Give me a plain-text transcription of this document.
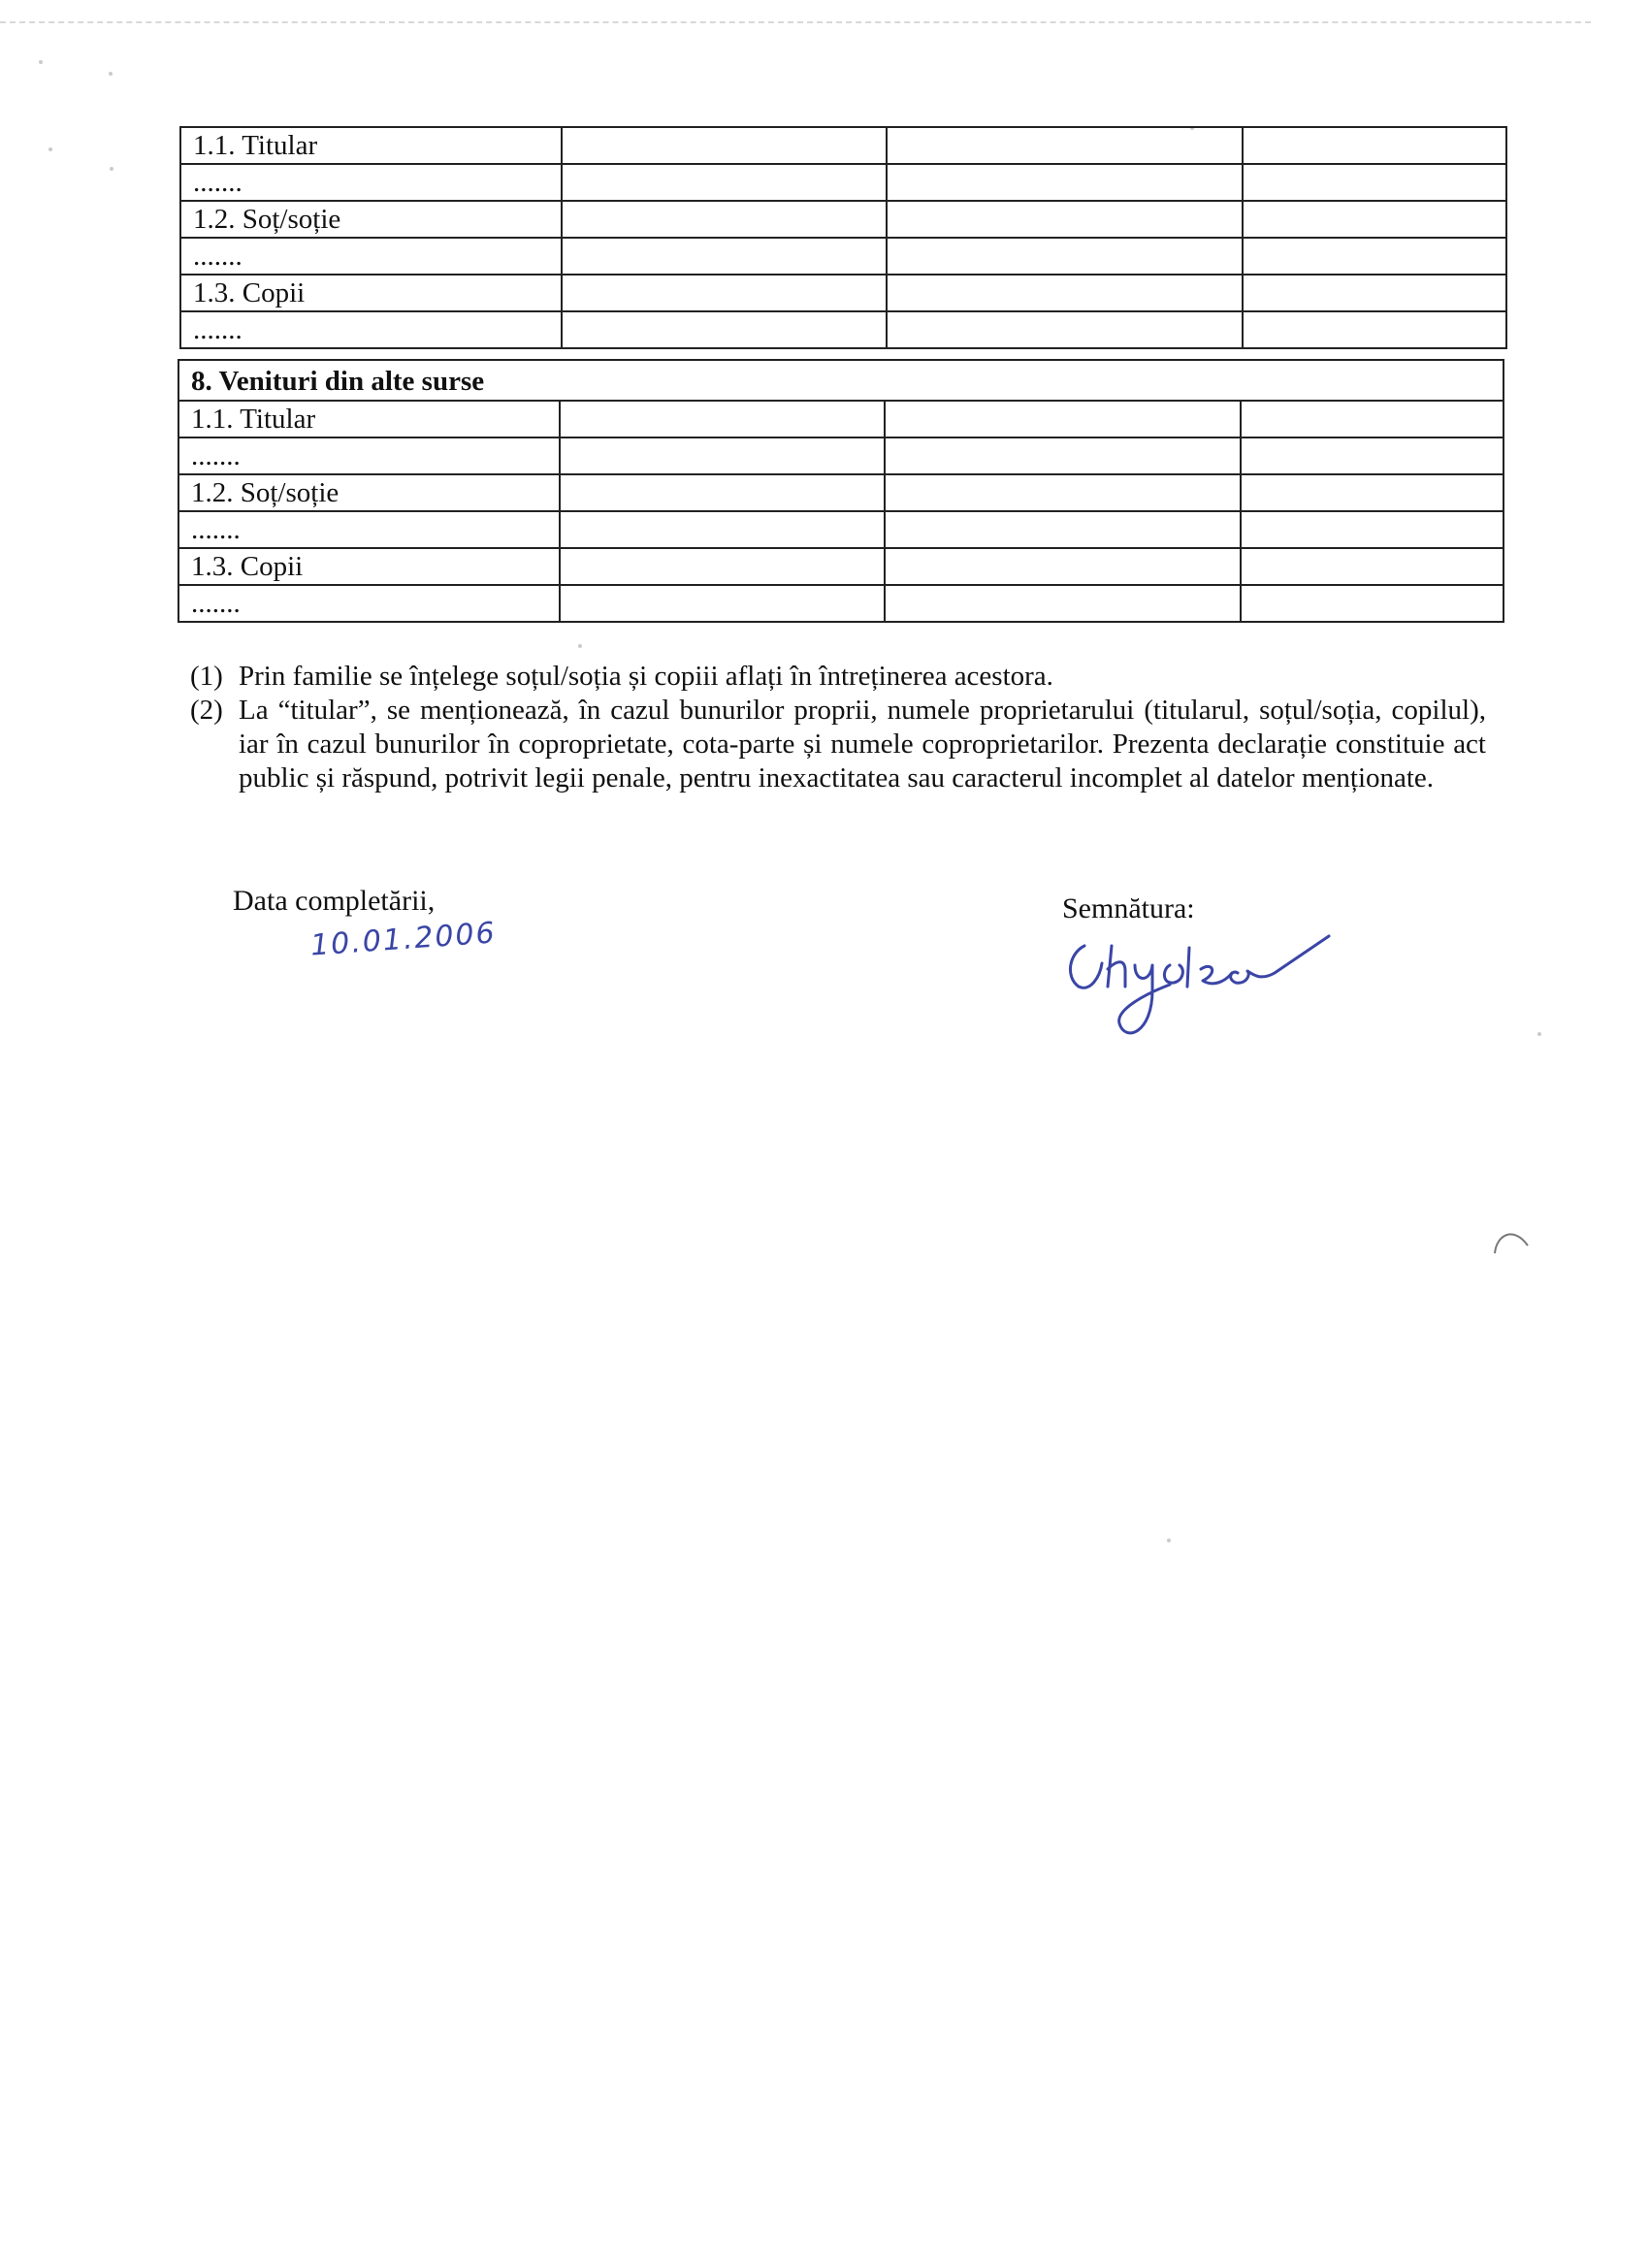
1.1. Titular			
.......			
1.2. Soț/soție			
.......			
1.3. Copii			
.......			
8. Venituri din alte surse			
1.1. Titular			
.......			
1.2. Soț/soție			
.......			
1.3. Copii			
.......			

(1) Prin familie se înțelege soțul/soția și copiii aflați în întreținerea acestora.

(2) La “titular”, se menționează, în cazul bunurilor proprii, numele proprietarului (titularul, soțul/soția, copilul), iar în cazul bunurilor în coproprietate, cota-parte și numele coproprietarilor. Prezenta declarație constituie act public și răspund, potrivit legii penale, pentru inexactitatea sau caracterul incomplet al datelor menționate.

Data completării,
10.01.2006
Semnătura:
